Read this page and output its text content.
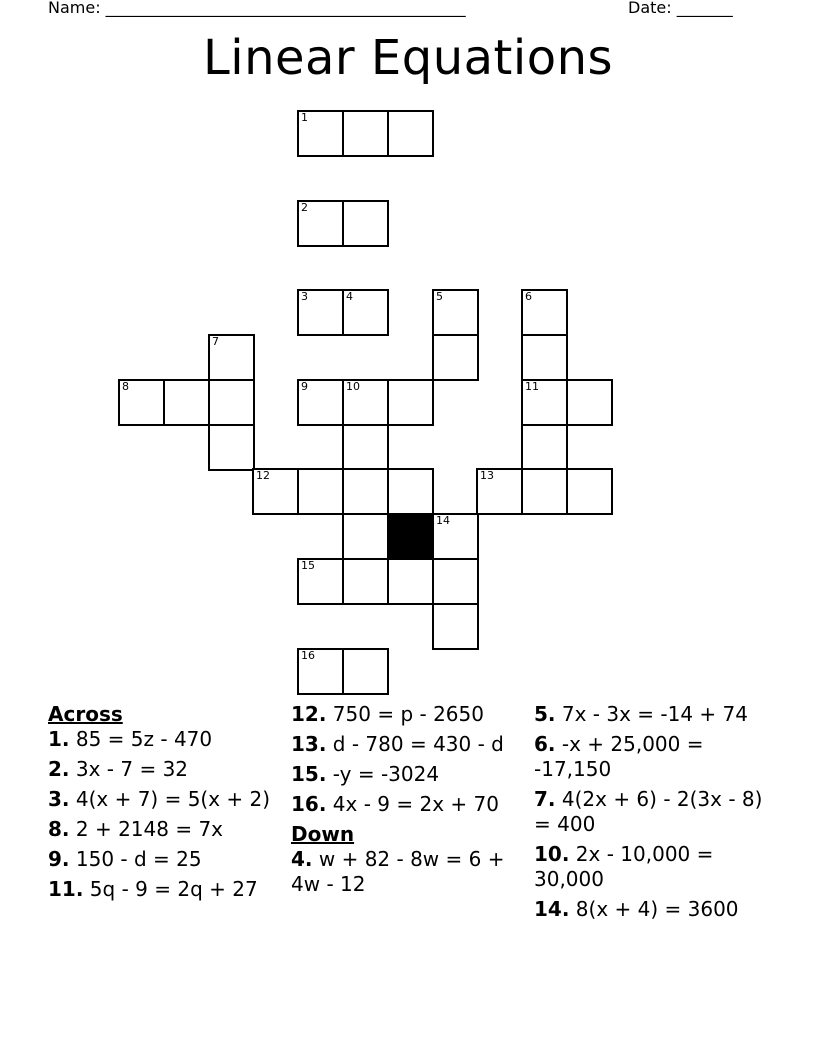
Name: _____________________________________________	Date: _______
Linear Equations
1
2
3	4	5	6
7
8	9	10	11
12	13
14
15
16
Across
1. 85 = 5z - 470
2. 3x - 7 = 32
3. 4(x + 7) = 5(x + 2)
8. 2 + 2148 = 7x
9. 150 - d = 25
11. 5q - 9 = 2q + 27
12. 750 = p - 2650
13. d - 780 = 430 - d
15. -y = -3024
16. 4x - 9 = 2x + 70
Down
4. w + 82 - 8w = 6 + 4w - 12
5. 7x - 3x = -14 + 74
6. -x + 25,000 = -17,150
7. 4(2x + 6) - 2(3x - 8) = 400
10. 2x - 10,000 = 30,000
14. 8(x + 4) = 3600
